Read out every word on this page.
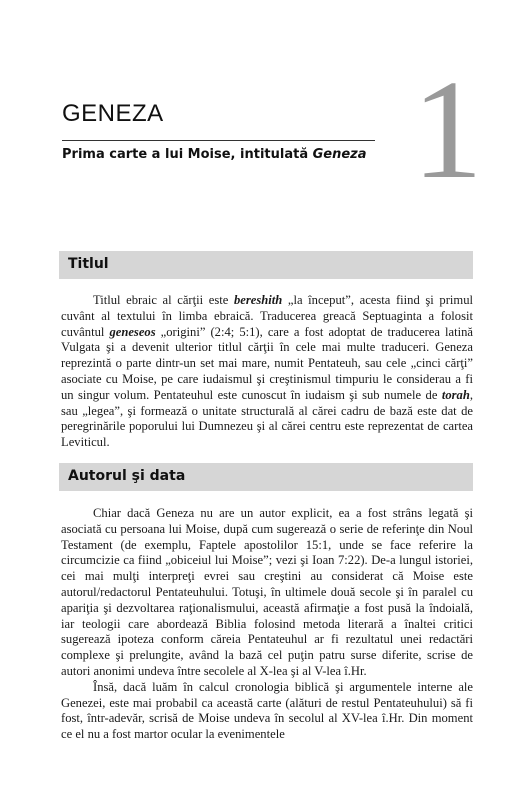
GENEZA
Prima carte a lui Moise, intitulată Geneza 1
Titlul

Titlul ebraic al cărţii este bereshith „la început”, acesta fiind şi primul cuvânt al textului în limba ebraică. Traducerea greacă Septuaginta a folosit cuvântul geneseos „origini” (2:4; 5:1), care a fost adoptat de traducerea latină Vulgata şi a devenit ulterior titlul cărţii în cele mai multe traduceri. Geneza reprezintă o parte dintr-un set mai mare, numit Pentateuh, sau cele „cinci cărţi” asociate cu Moise, pe care iudaismul şi creştinismul timpuriu le considerau a fi un singur volum. Pentateuhul este cunoscut în iudaism şi sub numele de torah, sau „legea”, şi formează o unitate structurală al cărei cadru de bază este dat de peregrinările poporului lui Dumnezeu şi al cărei centru este reprezentat de cartea Leviticul.

Autorul şi data

Chiar dacă Geneza nu are un autor explicit, ea a fost strâns legată şi asociată cu persoana lui Moise, după cum sugerează o serie de referinţe din Noul Testament (de exemplu, Faptele apostolilor 15:1, unde se face referire la circumcizie ca fiind „obiceiul lui Moise”; vezi şi Ioan 7:22). De-a lungul istoriei, cei mai mulţi interpreţi evrei sau creştini au considerat că Moise este autorul/redactorul Pentateuhului. Totuşi, în ultimele două secole şi în paralel cu apariţia şi dezvoltarea raţionalismului, această afirmaţie a fost pusă la îndoială, iar teologii care abordează Biblia folosind metoda literară a înaltei critici sugerează ipoteza conform căreia Pentateuhul ar fi rezultatul unei redactări complexe şi prelungite, având la bază cel puţin patru surse diferite, scrise de autori anonimi undeva între secolele al X-lea şi al V-lea î.Hr.

Însă, dacă luăm în calcul cronologia biblică şi argumentele interne ale Genezei, este mai probabil ca această carte (alături de restul Pentateuhului) să fi fost, într-adevăr, scrisă de Moise undeva în secolul al XV-lea î.Hr. Din moment ce el nu a fost martor ocular la evenimentele
